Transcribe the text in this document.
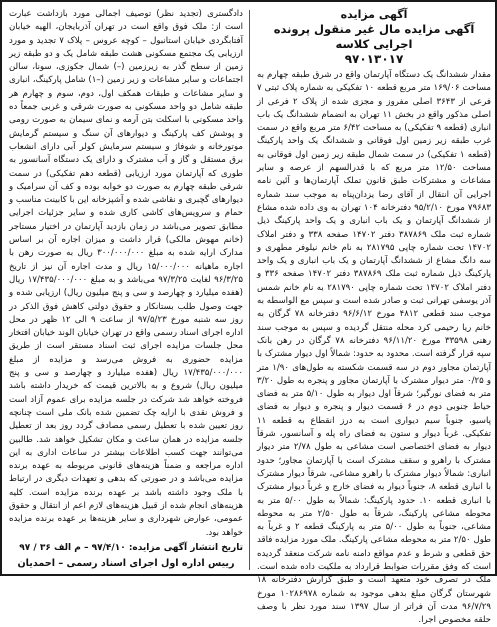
آگهی مزایده

آگهی مزایده مال غیر منقول پرونده اجرایی کلاسه

۹۷۰۱۳۰۱۷

مقدار ششدانگ یک دستگاه آپارتمان واقع در شرق طبقه چهارم به مساحت ۱۶۹/۰۶ متر مربع قطعه ۱۰ تفکیکی به شماره پلاک ثبتی ۷ فرعی از ۳۶۴۳ اصلی مفروز و مجزی شده از پلاک ۲ فرعی از اصلی مذکور واقع در بخش ۱۱ تهران به انضمام ششدانگ یک باب انباری (قطعه ۹ تفکیکی) به مساحت ۶/۴۲ متر مربع واقع در سمت غرب طبقه زیر زمین اول فوقانی و ششدانگ یک واحد پارکینگ (قطعه ۱ تفکیکی) در سمت شمال طبقه زیر زمین اول فوقانی به مساحت ۱۲/۵۰ متر مربع که با قدرالسهم از عرصه و سایر مشاعات و مشترکات طبق قانون تملک آپارتمان‌ها و آئین نامه اجرایی آن انتقال از آقای رضا یزدان‌پناه به موجب سند شماره ۷۹۶۸۳ مورخ ۹۵/۲/۱۰ دفترخانه ۱۰۴ تهران به وی داده شده مشاع از ششدانگ آپارتمان و یک باب انباری و یک واحد پارکینگ ذیل شماره ثبت ملک ۳۸۷۸۶۹ دفتر ۱۴۷۰۲ صفحه ۳۳۸ و دفتر املاک ۱۴۷۰۲ تحت شماره چاپی ۲۸۱۷۹۵ به نام خانم نیلوفر مطهری و سه دانگ مشاع از ششدانگ آپارتمان و یک باب انباری و یک واحد پارکینگ ذیل شماره ثبت ملک ۳۸۷۸۶۹ دفتر ۱۴۷۰۲ صفحه ۳۳۶ و دفتر املاک ۱۴۷۰۲ تحت شماره چاپی ۲۸۱۷۹۰ به نام خانم شمس آذر یوسفی تهرانی ثبت و صادر شده است و سپس مع الواسطه به موجب سند قطعی ۴۸۱۲ مورخ ۹۶/۶/۱۲ دفترخانه ۷۸ گرگان به خانم ریا رحیمی کرد محله منتقل گردیده و سپس به موجب سند رهنی ۳۳۵۹۸ مورخ ۹۶/۱۱/۲۰ دفترخانه ۷۸ گرگان در رهن بانک سپه قرار گرفته است. محدود به حدود: شمالاً اول دیوار مشترک با آپارتمان مجاور دوم در سه قسمت شکسته به طول‌های ۱/۹۰ متر و ۰/۲۵ متر دیوار مشترک با آپارتمان مجاور و پنجره به طول ۳/۲۰ متر به فضای نورگیر؛ شرقاً اول دیوار به طول ۵/۱۰ متر به فضای حیاط جنوبی دوم در ۶ قسمت دیوار و پنجره و دیوار به فضای پاسیو، جنوباً سیم دیواری است به درز انقطاع به قطعه ۱۱ تفکیکی. غرباً دیوار و ستون به فضای راه پله و آسانسور، شرقاً دیوار به فضای اختصاصی است مشاعی به طول ۲/۷۸ متر دیوار مشترک با راهرو و سقف مشترک است با آپارتمان مجاور؛ حدود انباری: شمالاً دیوار مشترک با راهرو مشاعی، شرقاً دیوار مشترک با انباری قطعه ۸، جنوباً دیوار به فضای خارج و غرباً دیوار مشترک با انباری قطعه ۱۰. حدود پارکینگ: شمالاً به طول ۵/۰۰ متر به محوطه مشاعی پارکینگ، شرقاً به طول ۲/۵۰ متر به محوطه مشاعی، جنوباً به طول ۵/۰۰ متر به پارکینگ قطعه ۲ و غرباً به طول ۲/۵۰ متر به محوطه مشاعی پارکینگ. ملک مورد مزایده فاقد حق قطعی و شرط و عدم مواقع دامنه نامه شرکت منعقد گردیده است که وفق مقررات ضوابط قرارداد به ملکیت داده شده است. ملک در تصرف خود متعهد است و طبق گزارش دفترخانه ۱۸ شهرستان گرگان مبلغ بدهی موجود به شماره ۱۰۲۸۶۹۷۸ مورخ ۹۶/۷/۲۹ مدت آن فراتر از سال ۱۳۹۷ سند مورد نظر با وصف حلقه مخصوص اجرا.

دادگستری (تجدید نظر) توصیف اجمالی مورد بازداشت عبارت است از: ملک فوق واقع است در تهران آذربایجان، الهیه خیابان آفتابگردی خیابان استانبول – کوچه عروس – پلاک ۷ تجدید و مورد ارزیابی یک مجتمع مسکونی هشت طبقه شامل یک و دو طبقه زیر زمین از سطح گذر به زیرزمین (–) شمال جکوزی، سونا، سالن اجتماعات و سایر مشاعات و زیر زمین (–۱) شامل پارکینگ، انباری و سایر مشاعات و طبقات همکف اول، دوم، سوم و چهارم هر طبقه شامل دو واحد مسکونی به صورت شرقی و غربی جمعاً ده واحد مسکونی با اسکلت بتن آرمه و نمای سیمان به صورت رومی و پوشش کف پارکینگ و دیوارهای آن سنگ و سیستم گرمایش موتورخانه و شوفاژ و سیستم سرمایش کولر آبی دارای انشعاب برق مستقل و گاز و آب مشترک و دارای یک دستگاه آسانسور به طوری که آپارتمان مورد ارزیابی (قطعه دهم تفکیکی) در سمت شرقی طبقه چهارم به صورت دو خوابه بوده و کف آن سرامیک و دیوارهای گچبری و نقاشی شده و آشپزخانه این با کابینت مناسب و حمام و سرویس‌های کاشی کاری شده و سایر جزئیات اجرایی مطابق تصویر می‌باشد در زمان بازدید آپارتمان در اختیار مستاجر (خانم مهوش مالکی) قرار داشت و میزان اجاره آن بر اساس مدارک ارایه شده به مبلغ ۳۰۰/۰۰۰/۰۰۰ ریال به صورت رهن با اجاره ماهیانه ۱۵/۰۰۰/۰۰۰ ریال و مدت اجاره آن نیز از تاریخ ۹۶/۳/۲۵ لغایت ۹۷/۳/۲۵ می‌باشد و به مبلغ ۱۷/۴۳۵/۰۰۰/۰۰۰ ریال (هفده میلیارد و چهارصد و سی و پنج میلیون ریال) ارزیابی شده و جهت وصول طلب بستانکار و حقوق دولتی کاهش فوق الذکر در روز سه شنبه مورخ ۹۷/۵/۲۳ از ساعت ۹ الی ۱۲ ظهر در محل اداره اجرای اسناد رسمی واقع در تهران خیابان الوند خیابان افتخار محل جلسات مزایده اجرای ثبت اسناد مستقر است از طریق مزایده حضوری به فروش می‌رسد و مزایده از مبلغ ۱۷/۴۳۵/۰۰۰/۰۰۰ ریال (هفده میلیارد و چهارصد و سی و پنج میلیون ریال) شروع و به بالاترین قیمت که خریدار داشته باشد فروخته خواهد شد شرکت در جلسه مزایده برای عموم آزاد است و فروش نقدی با ارایه چک تضمین شده بانک ملی است چنانچه روز تعیین شده با تعطیل رسمی مصادف گردد روز بعد از تعطیل جلسه مزایده در همان ساعت و مکان تشکیل خواهد شد. طالبین می‌توانند جهت کسب اطلاعات بیشتر در ساعات اداری به این اداره مراجعه و ضمناً هزینه‌های قانونی مربوطه به عهده برنده مزایده می‌باشد و در صورتی که بدهی و تعهدات دیگری در ارتباط با ملک وجود داشته باشد بر عهده برنده مزایده است. کلیه هزینه‌های انجام شده از قبیل هزینه‌های لازم اعم از انتقال و حقوق عمومی، عوارض شهرداری و سایر هزینه‌ها بر عهده برنده مزایده خواهد بود.

تاریخ انتشار آگهی مزایده: ۹۷/۴/۱۰ – م الف ۳۶ / ۹۷

رییس اداره اول اجرای اسناد رسمی – احمدیان
